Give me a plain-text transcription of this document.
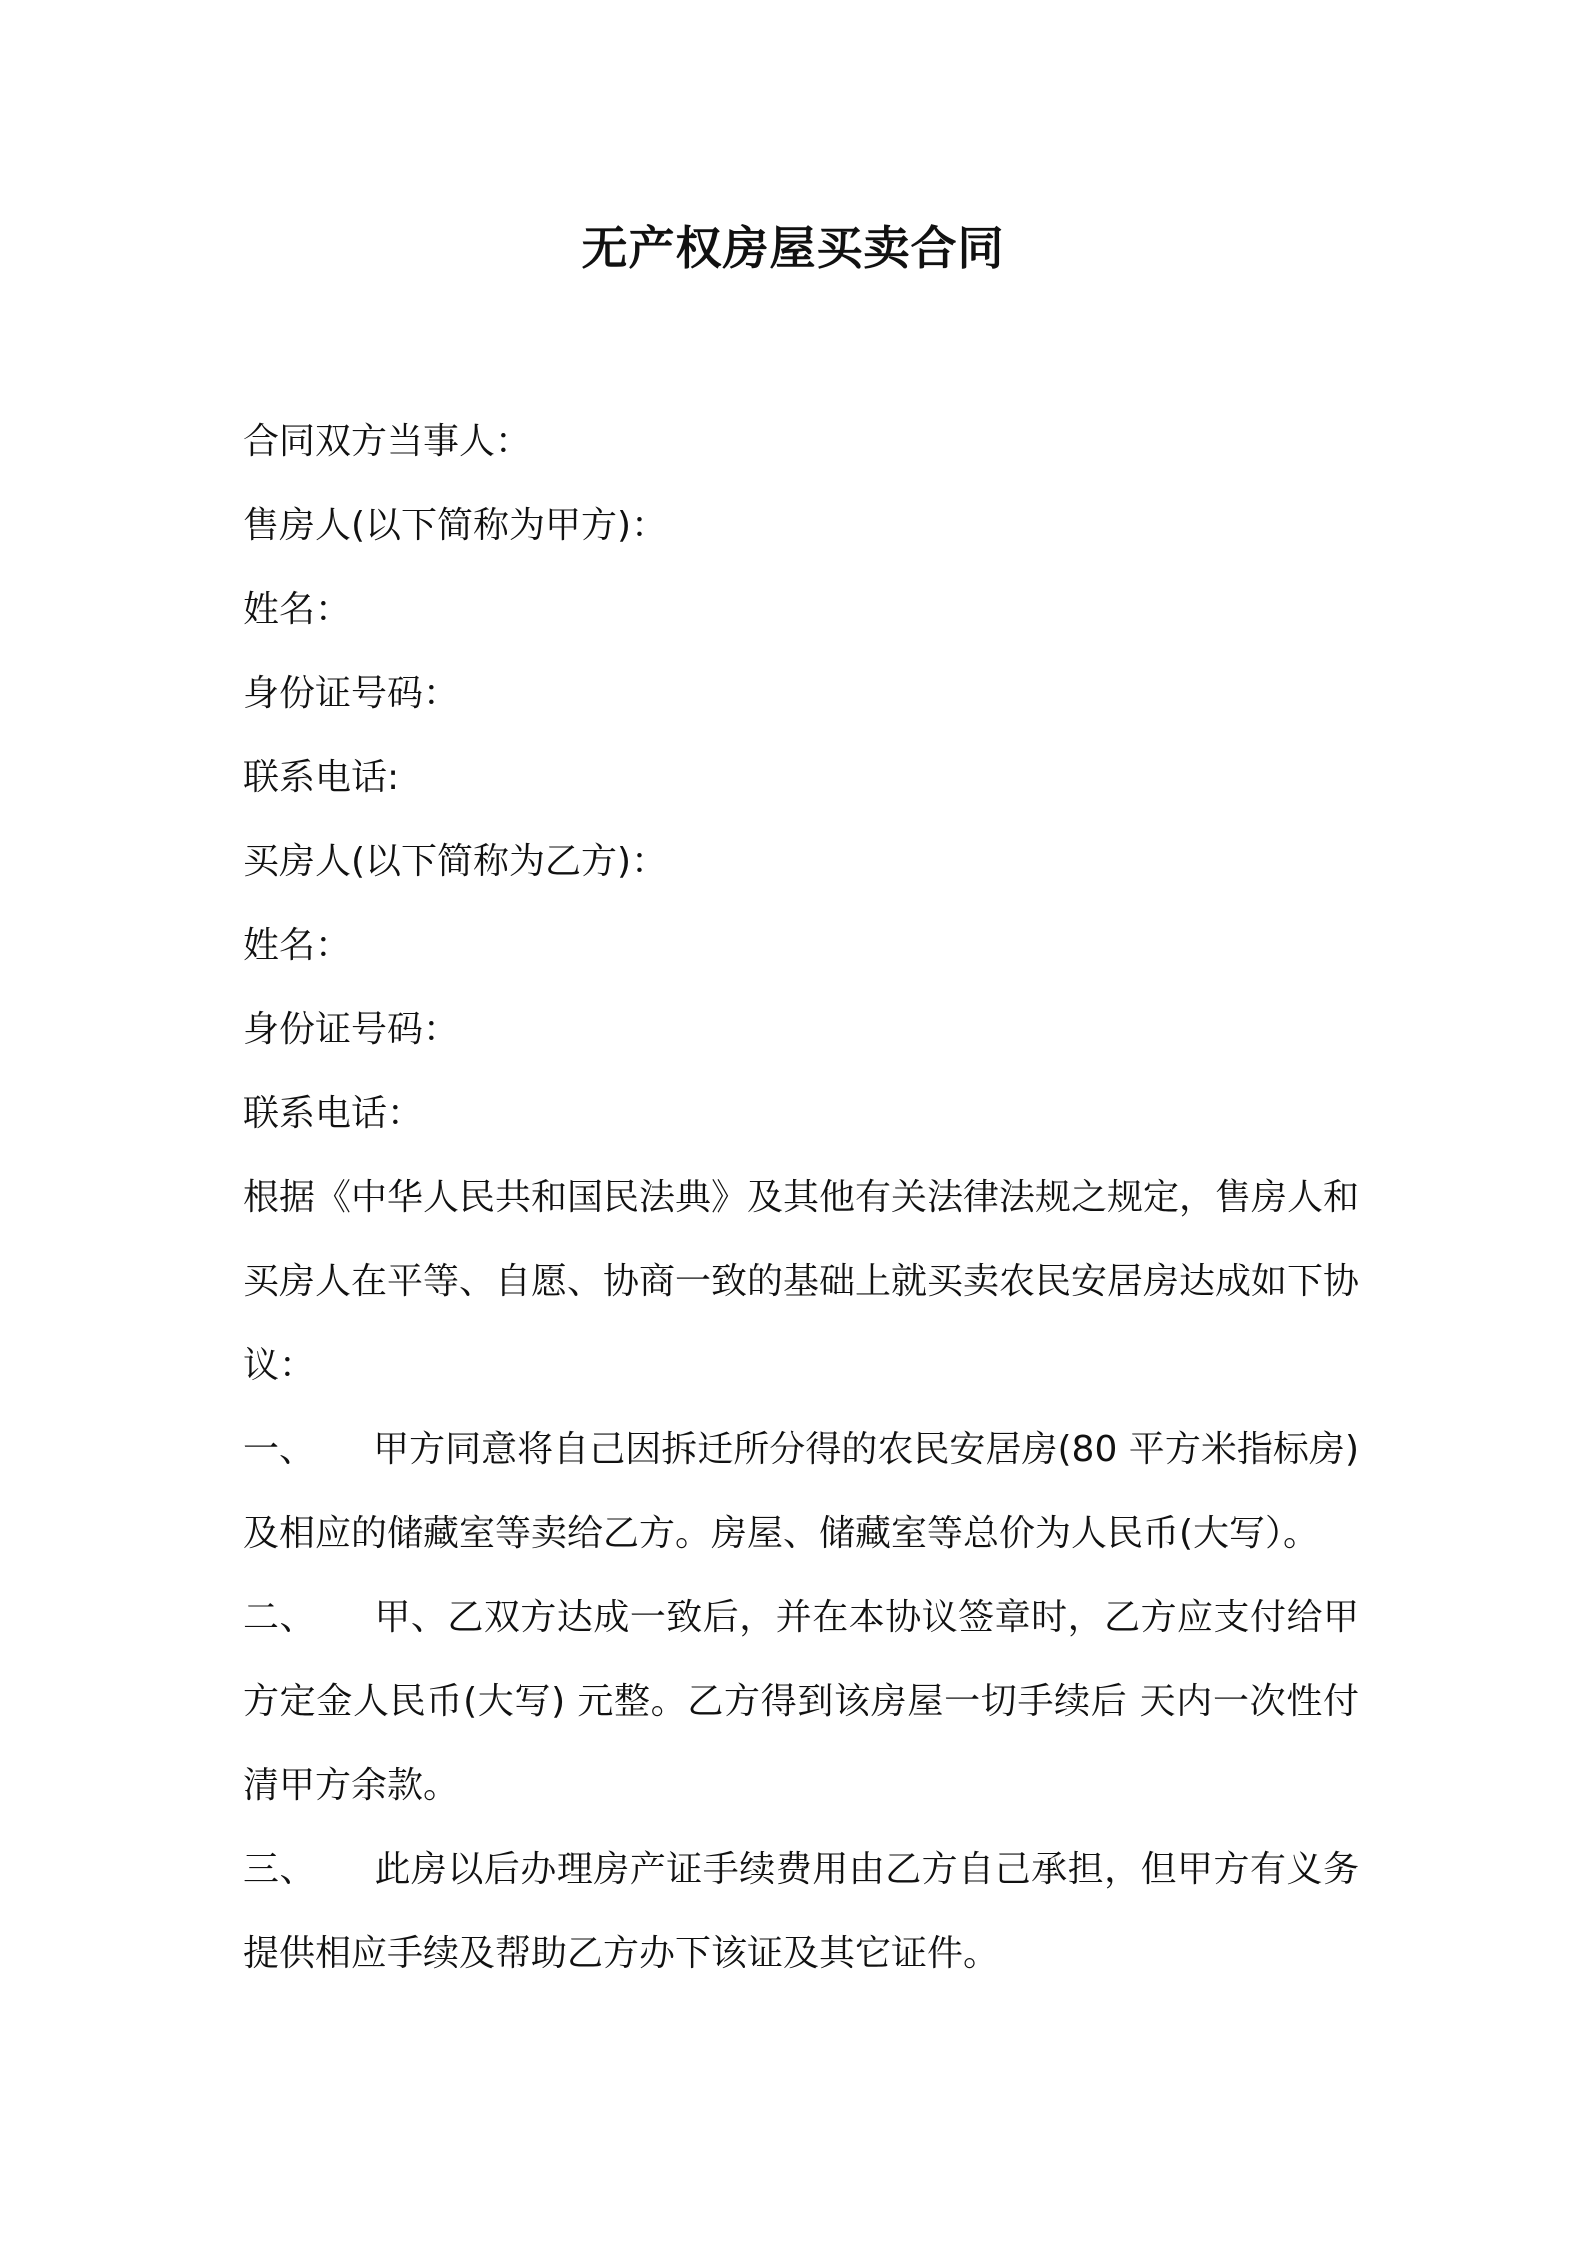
无产权房屋买卖合同
合同双方当事人：
售房人(以下简称为甲方)：
姓名：
身份证号码：
联系电话:
买房人(以下简称为乙方)：
姓名：
身份证号码：
联系电话：
根据《中华人民共和国民法典》及其他有关法律法规之规定，售房人和买房人在平等、自愿、协商一致的基础上就买卖农民安居房达成如下协议：
一、 甲方同意将自己因拆迁所分得的农民安居房(80 平方米指标房)及相应的储藏室等卖给乙方。房屋、储藏室等总价为人民币(大写）。
二、 甲、乙双方达成一致后，并在本协议签章时，乙方应支付给甲方定金人民币(大写) 元整。乙方得到该房屋一切手续后 天内一次性付清甲方余款。
三、 此房以后办理房产证手续费用由乙方自己承担，但甲方有义务提供相应手续及帮助乙方办下该证及其它证件。
